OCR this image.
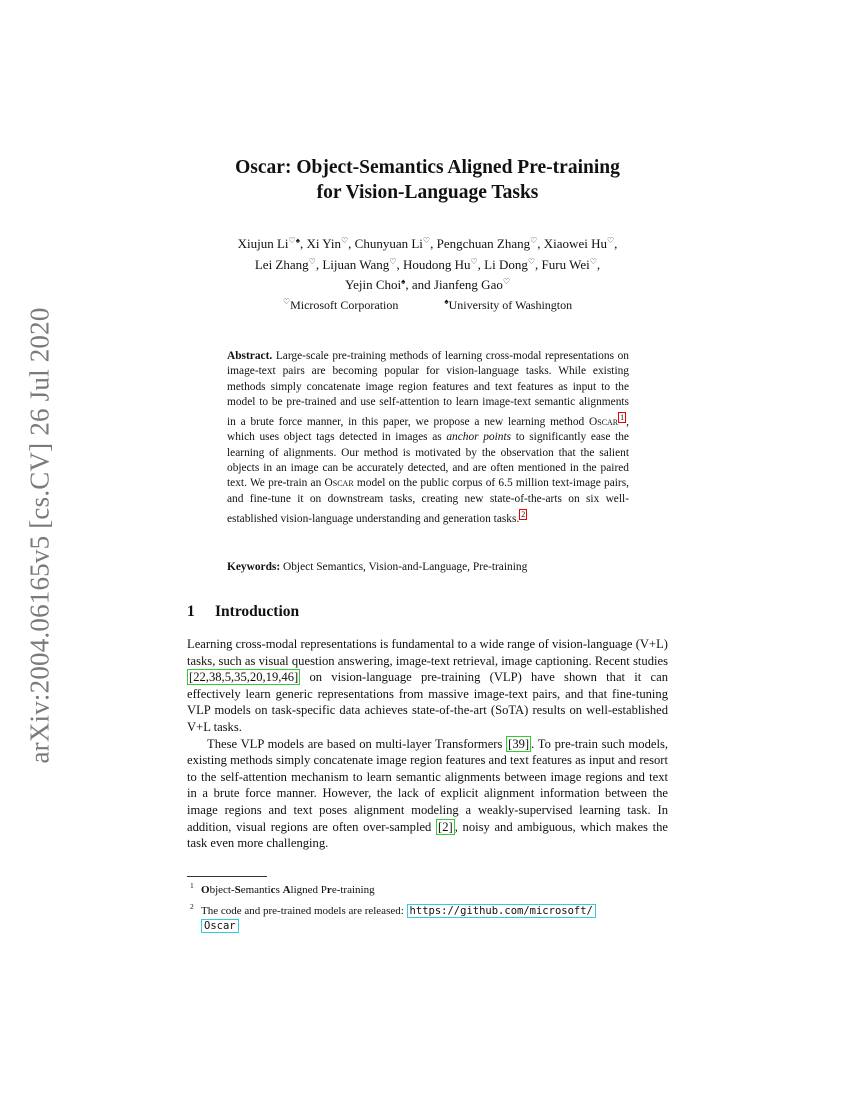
arXiv:2004.06165v5 [cs.CV] 26 Jul 2020
Oscar: Object-Semantics Aligned Pre-training
for Vision-Language Tasks
Xiujun Li♡♠, Xi Yin♡, Chunyuan Li♡, Pengchuan Zhang♡, Xiaowei Hu♡,
Lei Zhang♡, Lijuan Wang♡, Houdong Hu♡, Li Dong♡, Furu Wei♡,
Yejin Choi♠, and Jianfeng Gao♡
♡Microsoft Corporation	♠University of Washington
Abstract. Large-scale pre-training methods of learning cross-modal representations on image-text pairs are becoming popular for vision-language tasks. While existing methods simply concatenate image region features and text features as input to the model to be pre-trained and use self-attention to learn image-text semantic alignments in a brute force manner, in this paper, we propose a new learning method Oscar $^1$ , which uses object tags detected in images as anchor points to significantly ease the learning of alignments. Our method is motivated by the observation that the salient objects in an image can be accurately detected, and are often mentioned in the paired text. We pre-train an Oscar model on the public corpus of 6.5 million text-image pairs, and fine-tune it on downstream tasks, creating new state-of-the-arts on six well-established vision-language understanding and generation tasks. $^2$
Keywords: Object Semantics, Vision-and-Language, Pre-training
1 Introduction

Learning cross-modal representations is fundamental to a wide range of vision-language (V+L) tasks, such as visual question answering, image-text retrieval, image captioning. Recent studies [22,38,5,35,20,19,46] on vision-language pre-training (VLP) have shown that it can effectively learn generic representations from massive image-text pairs, and that fine-tuning VLP models on task-specific data achieves state-of-the-art (SoTA) results on well-established V+L tasks.

These VLP models are based on multi-layer Transformers [39] . To pre-train such models, existing methods simply concatenate image region features and text features as input and resort to the self-attention mechanism to learn semantic alignments between image regions and text in a brute force manner. However, the lack of explicit alignment information between the image regions and text poses alignment modeling a weakly-supervised learning task. In addition, visual regions are often over-sampled [2] , noisy and ambiguous, which makes the task even more challenging.

1 Object-Semantics Aligned Pre-training
2 The code and pre-trained models are released: https://github.com/microsoft/
Oscar
